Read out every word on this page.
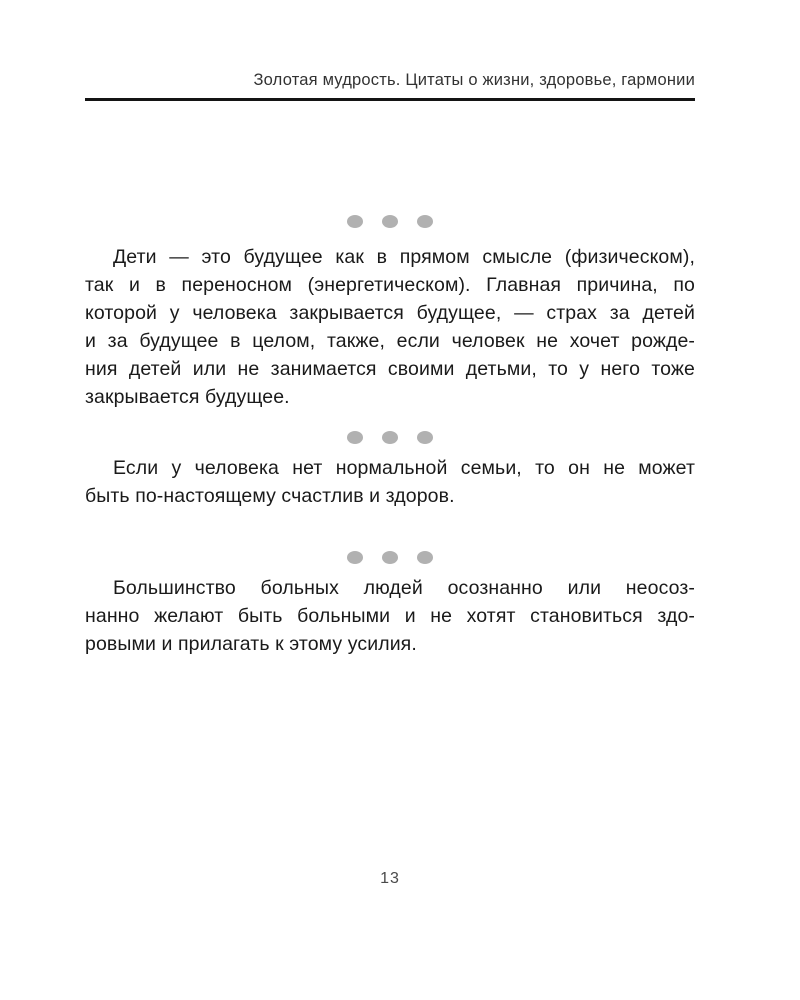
Золотая мудрость. Цитаты о жизни, здоровье, гармонии
Дети — это будущее как в прямом смысле (физическом),
так и в переносном (энергетическом). Главная причина, по
которой у человека закрывается будущее, — страх за детей
и за будущее в целом, также, если человек не хочет рожде-
ния детей или не занимается своими детьми, то у него тоже
закрывается будущее.
Если у человека нет нормальной семьи, то он не может
быть по-настоящему счастлив и здоров.
Большинство больных людей осознанно или неосоз-
нанно желают быть больными и не хотят становиться здо-
ровыми и прилагать к этому усилия.
13
